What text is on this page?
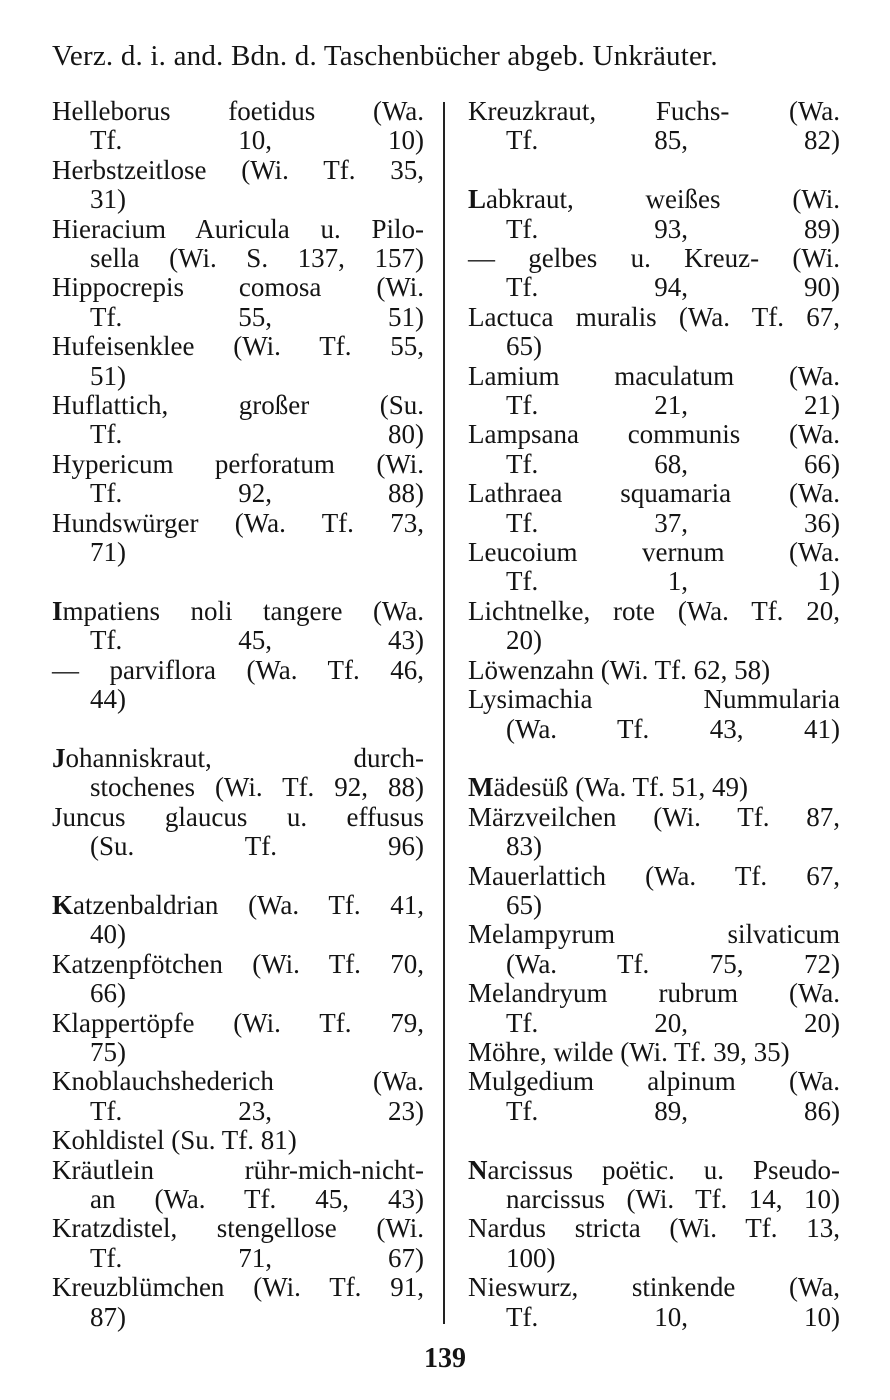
Verz. d. i. and. Bdn. d. Taschenbücher abgeb. Unkräuter.

Helleborus foetidus (Wa.
Tf. 10, 10)

Herbstzeitlose (Wi. Tf. 35,
31)

Hieracium Auricula u. Pilo-
sella (Wi. S. 137, 157)

Hippocrepis comosa (Wi.
Tf. 55, 51)

Hufeisenklee (Wi. Tf. 55,
51)

Huflattich, großer (Su.
Tf. 80)

Hypericum perforatum (Wi.
Tf. 92, 88)

Hundswürger (Wa. Tf. 73,
71)

Impatiens noli tangere (Wa.
Tf. 45, 43)

— parviflora (Wa. Tf. 46,
44)

Johanniskraut, durch-
stochenes (Wi. Tf. 92, 88)

Juncus glaucus u. effusus
(Su. Tf. 96)

Katzenbaldrian (Wa. Tf. 41,
40)

Katzenpfötchen (Wi. Tf. 70,
66)

Klappertöpfe (Wi. Tf. 79,
75)

Knoblauchshederich (Wa.
Tf. 23, 23)

Kohldistel (Su. Tf. 81)

Kräutlein rühr-mich-nicht-
an (Wa. Tf. 45, 43)

Kratzdistel, stengellose (Wi.
Tf. 71, 67)

Kreuzblümchen (Wi. Tf. 91,
87)

Kreuzkraut, Fuchs- (Wa.
Tf. 85, 82)

Labkraut, weißes (Wi.
Tf. 93, 89)

— gelbes u. Kreuz- (Wi.
Tf. 94, 90)

Lactuca muralis (Wa. Tf. 67,
65)

Lamium maculatum (Wa.
Tf. 21, 21)

Lampsana communis (Wa.
Tf. 68, 66)

Lathraea squamaria (Wa.
Tf. 37, 36)

Leucoium vernum (Wa.
Tf. 1, 1)

Lichtnelke, rote (Wa. Tf. 20,
20)

Löwenzahn (Wi. Tf. 62, 58)

Lysimachia Nummularia
(Wa. Tf. 43, 41)

Mädesüß (Wa. Tf. 51, 49)

Märzveilchen (Wi. Tf. 87,
83)

Mauerlattich (Wa. Tf. 67,
65)

Melampyrum silvaticum
(Wa. Tf. 75, 72)

Melandryum rubrum (Wa.
Tf. 20, 20)

Möhre, wilde (Wi. Tf. 39, 35)

Mulgedium alpinum (Wa.
Tf. 89, 86)

Narcissus poëtic. u. Pseudo-
narcissus (Wi. Tf. 14, 10)

Nardus stricta (Wi. Tf. 13,
100)

Nieswurz, stinkende (Wa,
Tf. 10, 10)

139
